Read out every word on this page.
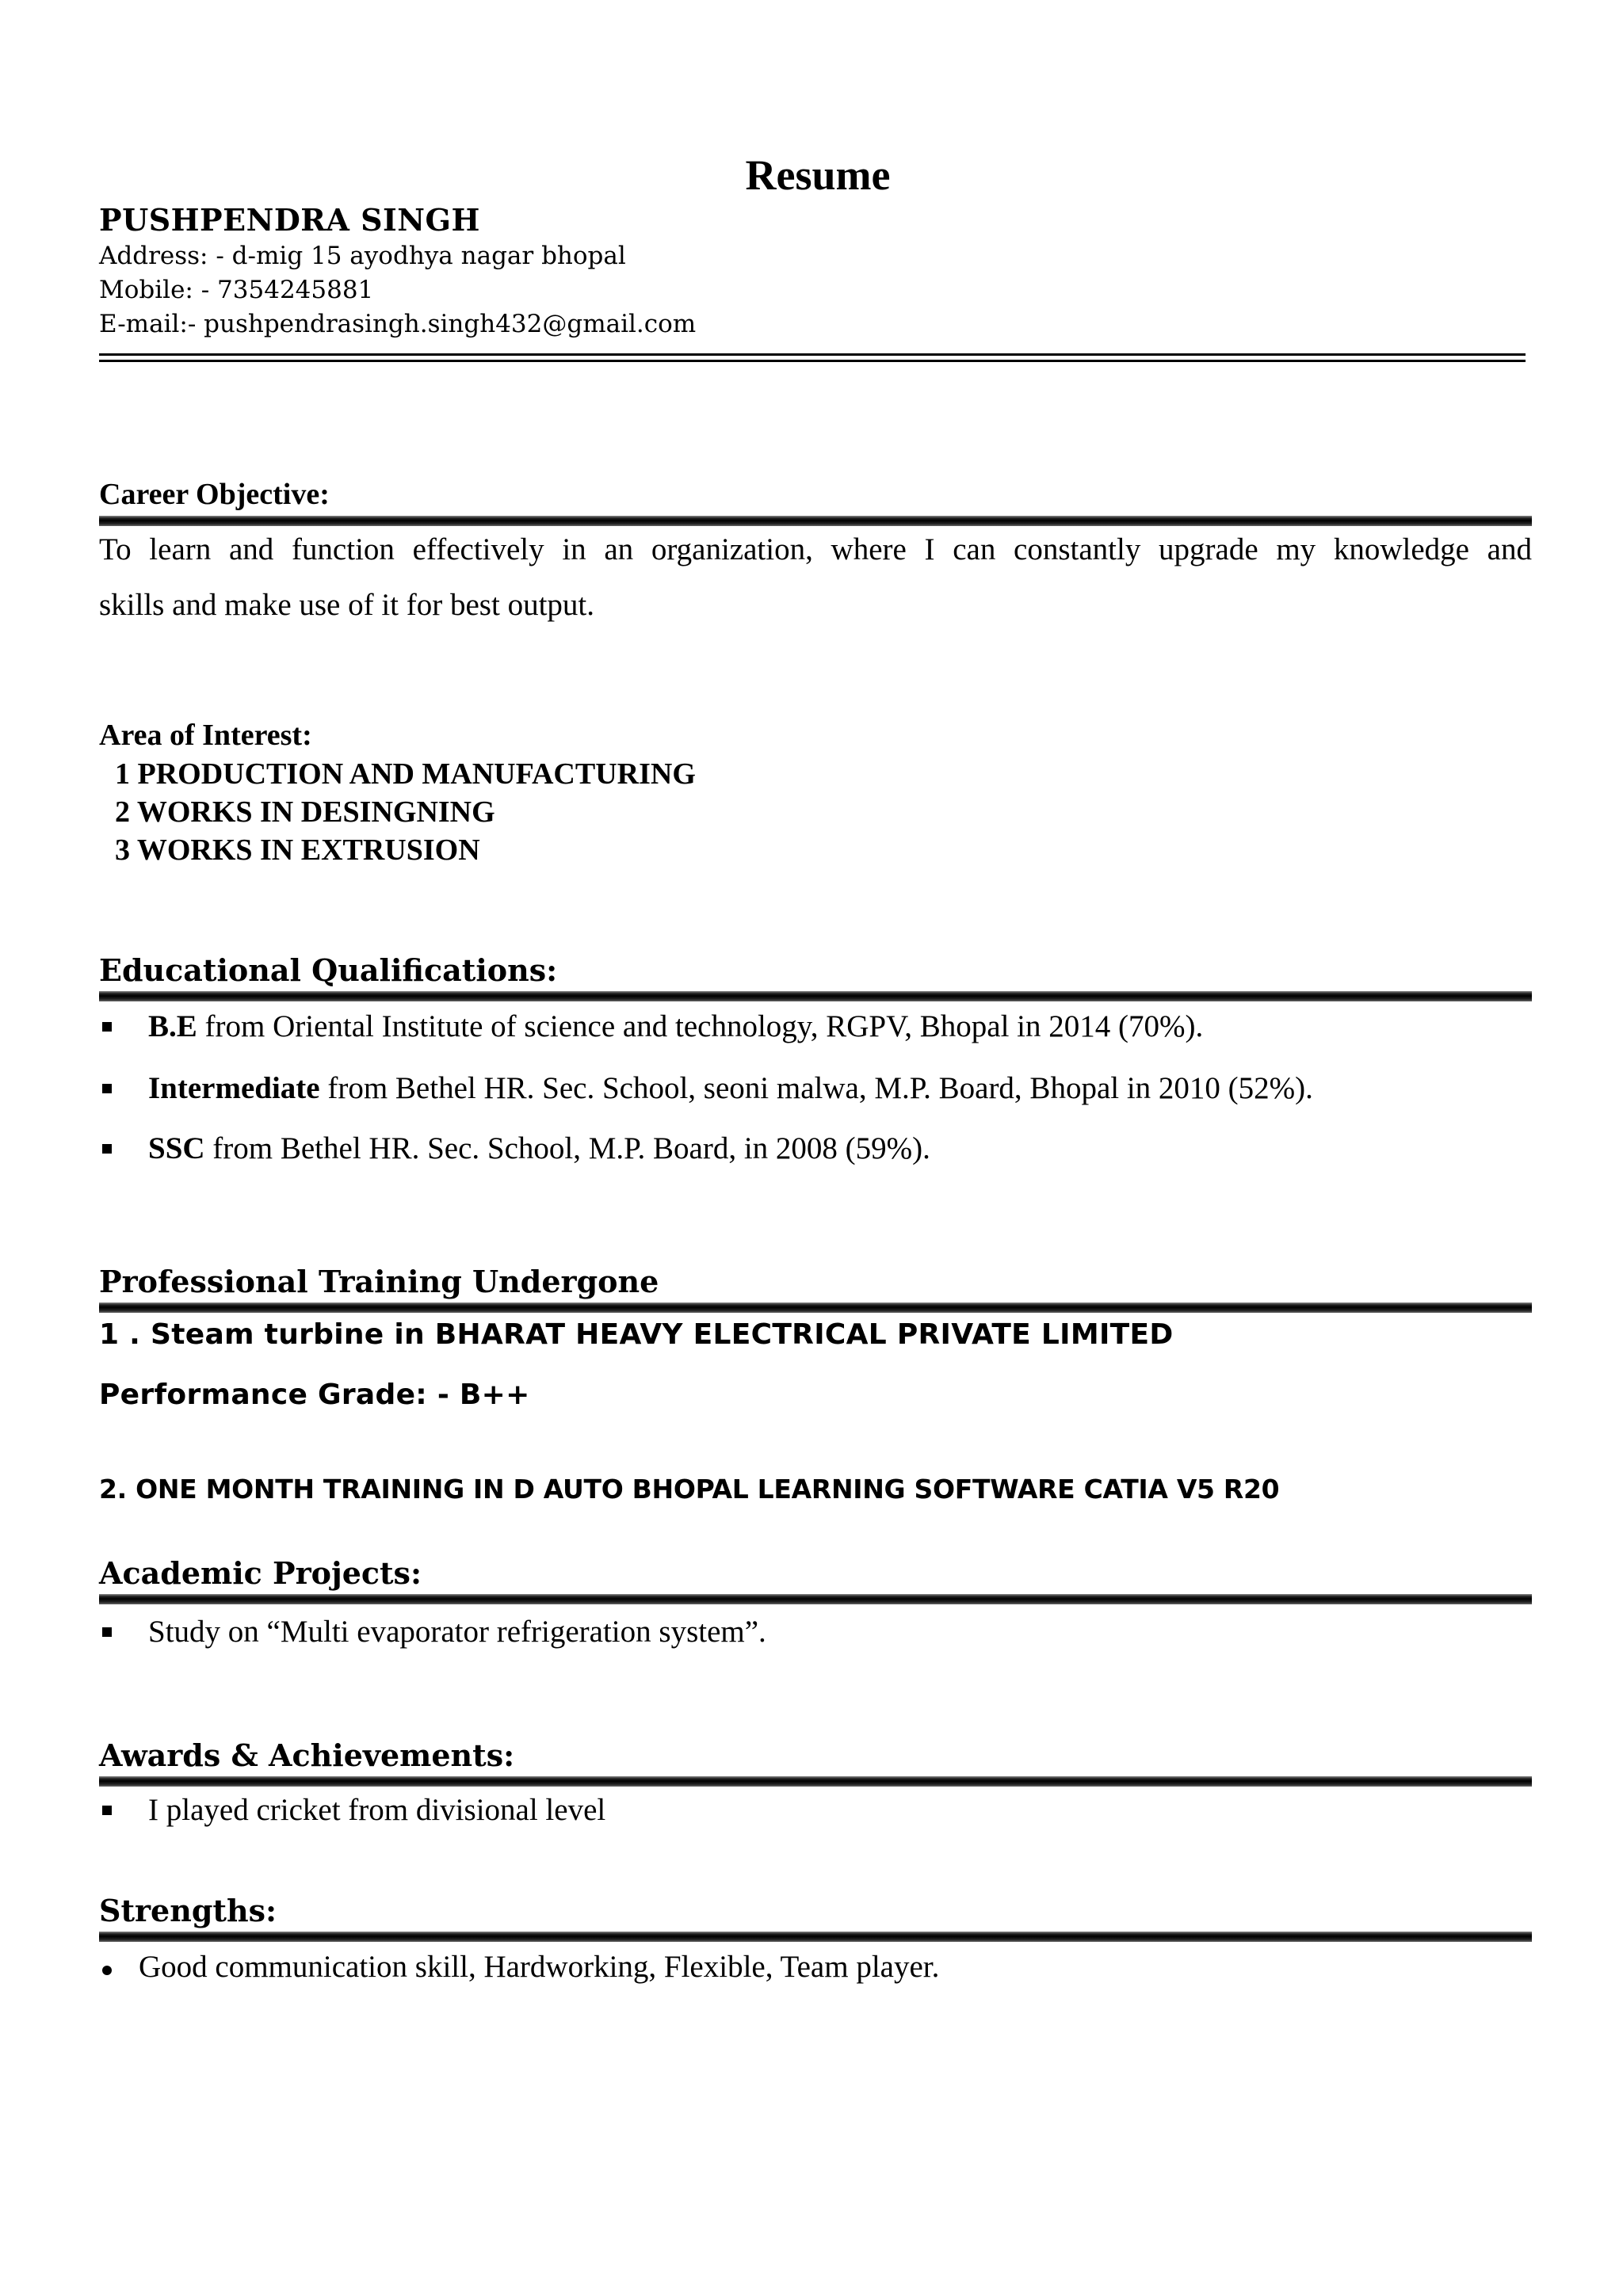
Resume
PUSHPENDRA SINGH
Address: - d-mig 15 ayodhya nagar bhopal
Mobile: - 7354245881
E-mail:- pushpendrasingh.singh432@gmail.com
Career Objective:
To learn and function effectively in an organization, where I can constantly upgrade my knowledge and
skills and make use of it for best output.
Area of Interest:
1 PRODUCTION AND MANUFACTURING
2 WORKS IN DESINGNING
3 WORKS IN EXTRUSION
Educational Qualifications:
B.E from Oriental Institute of science and technology, RGPV, Bhopal in 2014 (70%).
Intermediate from Bethel HR. Sec. School, seoni malwa, M.P. Board, Bhopal in 2010 (52%).
SSC from Bethel HR. Sec. School, M.P. Board, in 2008 (59%).
Professional Training Undergone
1 . Steam turbine in BHARAT HEAVY ELECTRICAL PRIVATE LIMITED
Performance Grade: - B++
2. ONE MONTH TRAINING IN D AUTO BHOPAL LEARNING SOFTWARE CATIA V5 R20
Academic Projects:
Study on “Multi evaporator refrigeration system”.
Awards & Achievements:
I played cricket from divisional level
Strengths:
Good communication skill, Hardworking, Flexible, Team player.
